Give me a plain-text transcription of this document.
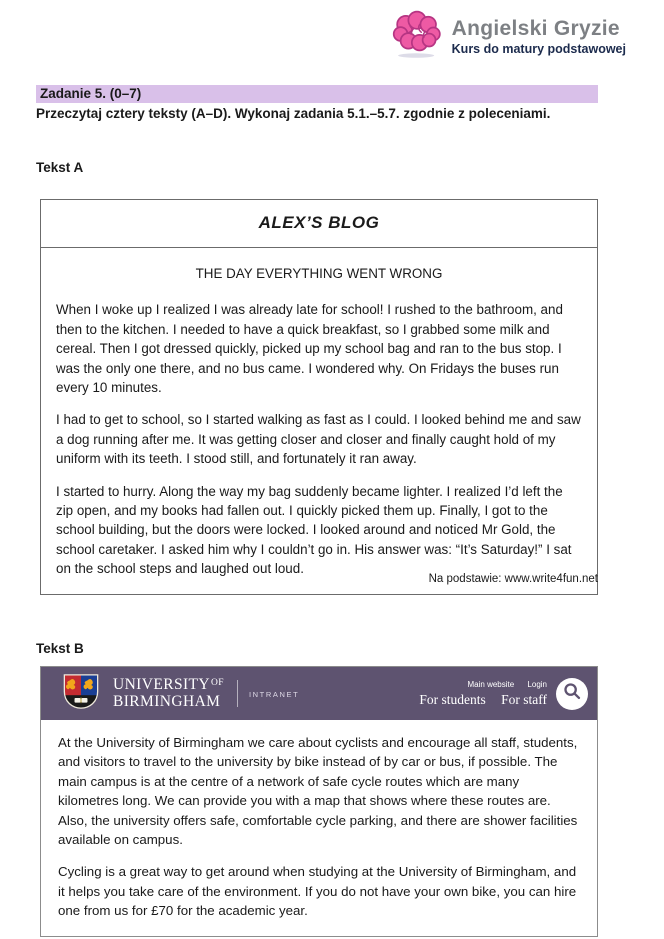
Angielski Gryzie
Kurs do matury podstawowej
Zadanie 5. (0–7)
Przeczytaj cztery teksty (A–D). Wykonaj zadania 5.1.–5.7. zgodnie z poleceniami.
Tekst A
ALEX’S BLOG
THE DAY EVERYTHING WENT WRONG

When I woke up I realized I was already late for school! I rushed to the bathroom, and then to the kitchen. I needed to have a quick breakfast, so I grabbed some milk and cereal. Then I got dressed quickly, picked up my school bag and ran to the bus stop. I was the only one there, and no bus came. I wondered why. On Fridays the buses run every 10 minutes.

I had to get to school, so I started walking as fast as I could. I looked behind me and saw a dog running after me. It was getting closer and closer and finally caught hold of my uniform with its teeth. I stood still, and fortunately it ran away.

I started to hurry. Along the way my bag suddenly became lighter. I realized I’d left the zip open, and my books had fallen out. I quickly picked them up. Finally, I got to the school building, but the doors were locked. I looked around and noticed Mr Gold, the school caretaker. I asked him why I couldn’t go in. His answer was: “It’s Saturday!” I sat on the school steps and laughed out loud.

Na podstawie: www.write4fun.net
Tekst B
$UNIVERSITY^{OF}$
BIRMINGHAM	INTRANET
Main website Login
For students For staff

At the University of Birmingham we care about cyclists and encourage all staff, students, and visitors to travel to the university by bike instead of by car or bus, if possible. The main campus is at the centre of a network of safe cycle routes which are many kilometres long. We can provide you with a map that shows where these routes are. Also, the university offers safe, comfortable cycle parking, and there are shower facilities available on campus.

Cycling is a great way to get around when studying at the University of Birmingham, and it helps you take care of the environment. If you do not have your own bike, you can hire one from us for £70 for the academic year.
